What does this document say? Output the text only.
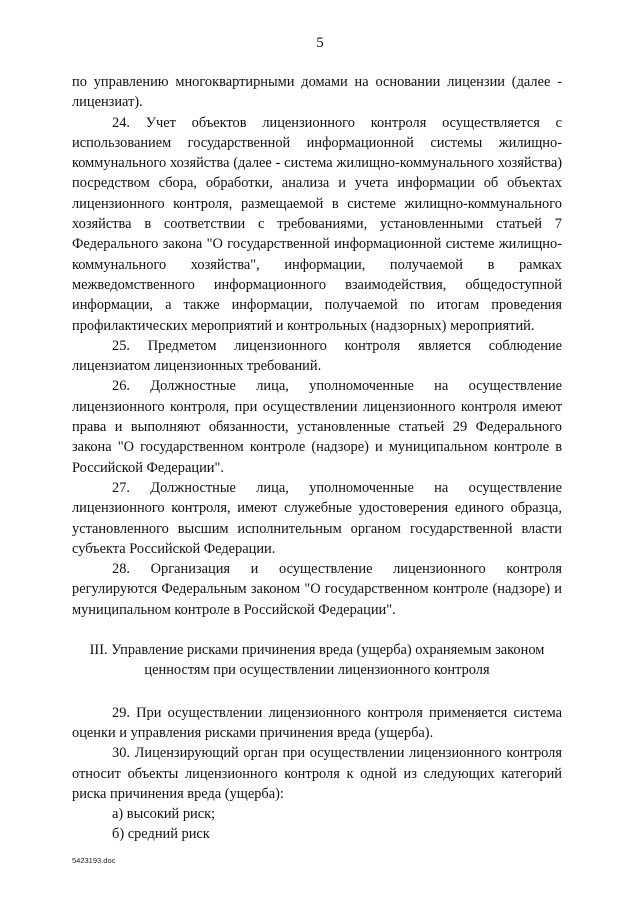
5

по управлению многоквартирными домами на основании лицензии (далее - лицензиат).

24. Учет объектов лицензионного контроля осуществляется с использованием государственной информационной системы жилищно-коммунального хозяйства (далее - система жилищно-коммунального хозяйства) посредством сбора, обработки, анализа и учета информации об объектах лицензионного контроля, размещаемой в системе жилищно-коммунального хозяйства в соответствии с требованиями, установленными статьей 7 Федерального закона "О государственной информационной системе жилищно-коммунального хозяйства", информации, получаемой в рамках межведомственного информационного взаимодействия, общедоступной информации, а также информации, получаемой по итогам проведения профилактических мероприятий и контрольных (надзорных) мероприятий.

25. Предметом лицензионного контроля является соблюдение лицензиатом лицензионных требований.

26. Должностные лица, уполномоченные на осуществление лицензионного контроля, при осуществлении лицензионного контроля имеют права и выполняют обязанности, установленные статьей 29 Федерального закона "О государственном контроле (надзоре) и муниципальном контроле в Российской Федерации".

27. Должностные лица, уполномоченные на осуществление лицензионного контроля, имеют служебные удостоверения единого образца, установленного высшим исполнительным органом государственной власти субъекта Российской Федерации.

28. Организация и осуществление лицензионного контроля регулируются Федеральным законом "О государственном контроле (надзоре) и муниципальном контроле в Российской Федерации".

III. Управление рисками причинения вреда (ущерба) охраняемым законом
ценностям при осуществлении лицензионного контроля

29. При осуществлении лицензионного контроля применяется система оценки и управления рисками причинения вреда (ущерба).

30. Лицензирующий орган при осуществлении лицензионного контроля относит объекты лицензионного контроля к одной из следующих категорий риска причинения вреда (ущерба):

а) высокий риск;

б) средний риск

5423193.doc
